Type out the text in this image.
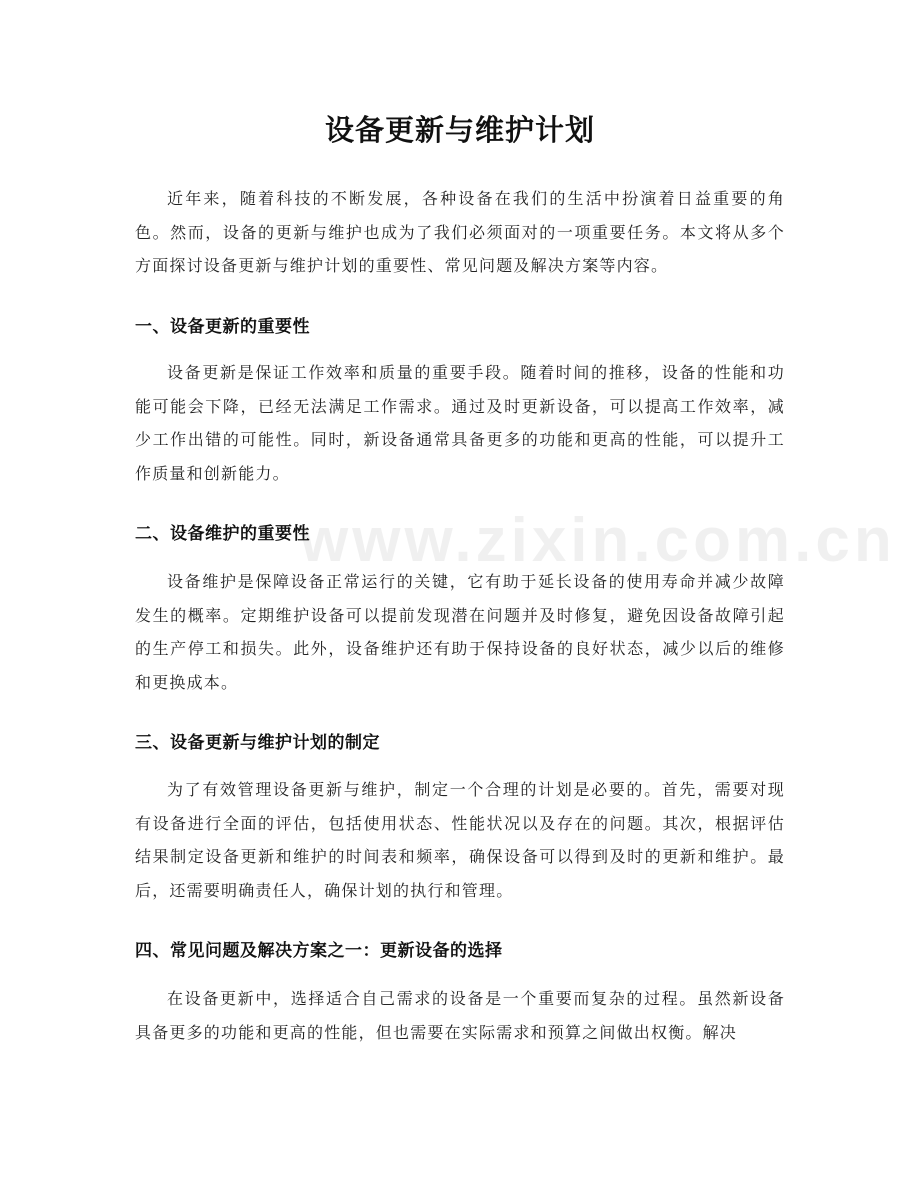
www.zixin.com.cn
设备更新与维护计划

近年来，随着科技的不断发展，各种设备在我们的生活中扮演着日益重要的角色。然而，设备的更新与维护也成为了我们必须面对的一项重要任务。本文将从多个方面探讨设备更新与维护计划的重要性、常见问题及解决方案等内容。

一、设备更新的重要性

设备更新是保证工作效率和质量的重要手段。随着时间的推移，设备的性能和功能可能会下降，已经无法满足工作需求。通过及时更新设备，可以提高工作效率，减少工作出错的可能性。同时，新设备通常具备更多的功能和更高的性能，可以提升工作质量和创新能力。

二、设备维护的重要性

设备维护是保障设备正常运行的关键，它有助于延长设备的使用寿命并减少故障发生的概率。定期维护设备可以提前发现潜在问题并及时修复，避免因设备故障引起的生产停工和损失。此外，设备维护还有助于保持设备的良好状态，减少以后的维修和更换成本。

三、设备更新与维护计划的制定

为了有效管理设备更新与维护，制定一个合理的计划是必要的。首先，需要对现有设备进行全面的评估，包括使用状态、性能状况以及存在的问题。其次，根据评估结果制定设备更新和维护的时间表和频率，确保设备可以得到及时的更新和维护。最后，还需要明确责任人，确保计划的执行和管理。

四、常见问题及解决方案之一：更新设备的选择

在设备更新中，选择适合自己需求的设备是一个重要而复杂的过程。虽然新设备具备更多的功能和更高的性能，但也需要在实际需求和预算之间做出权衡。解决
